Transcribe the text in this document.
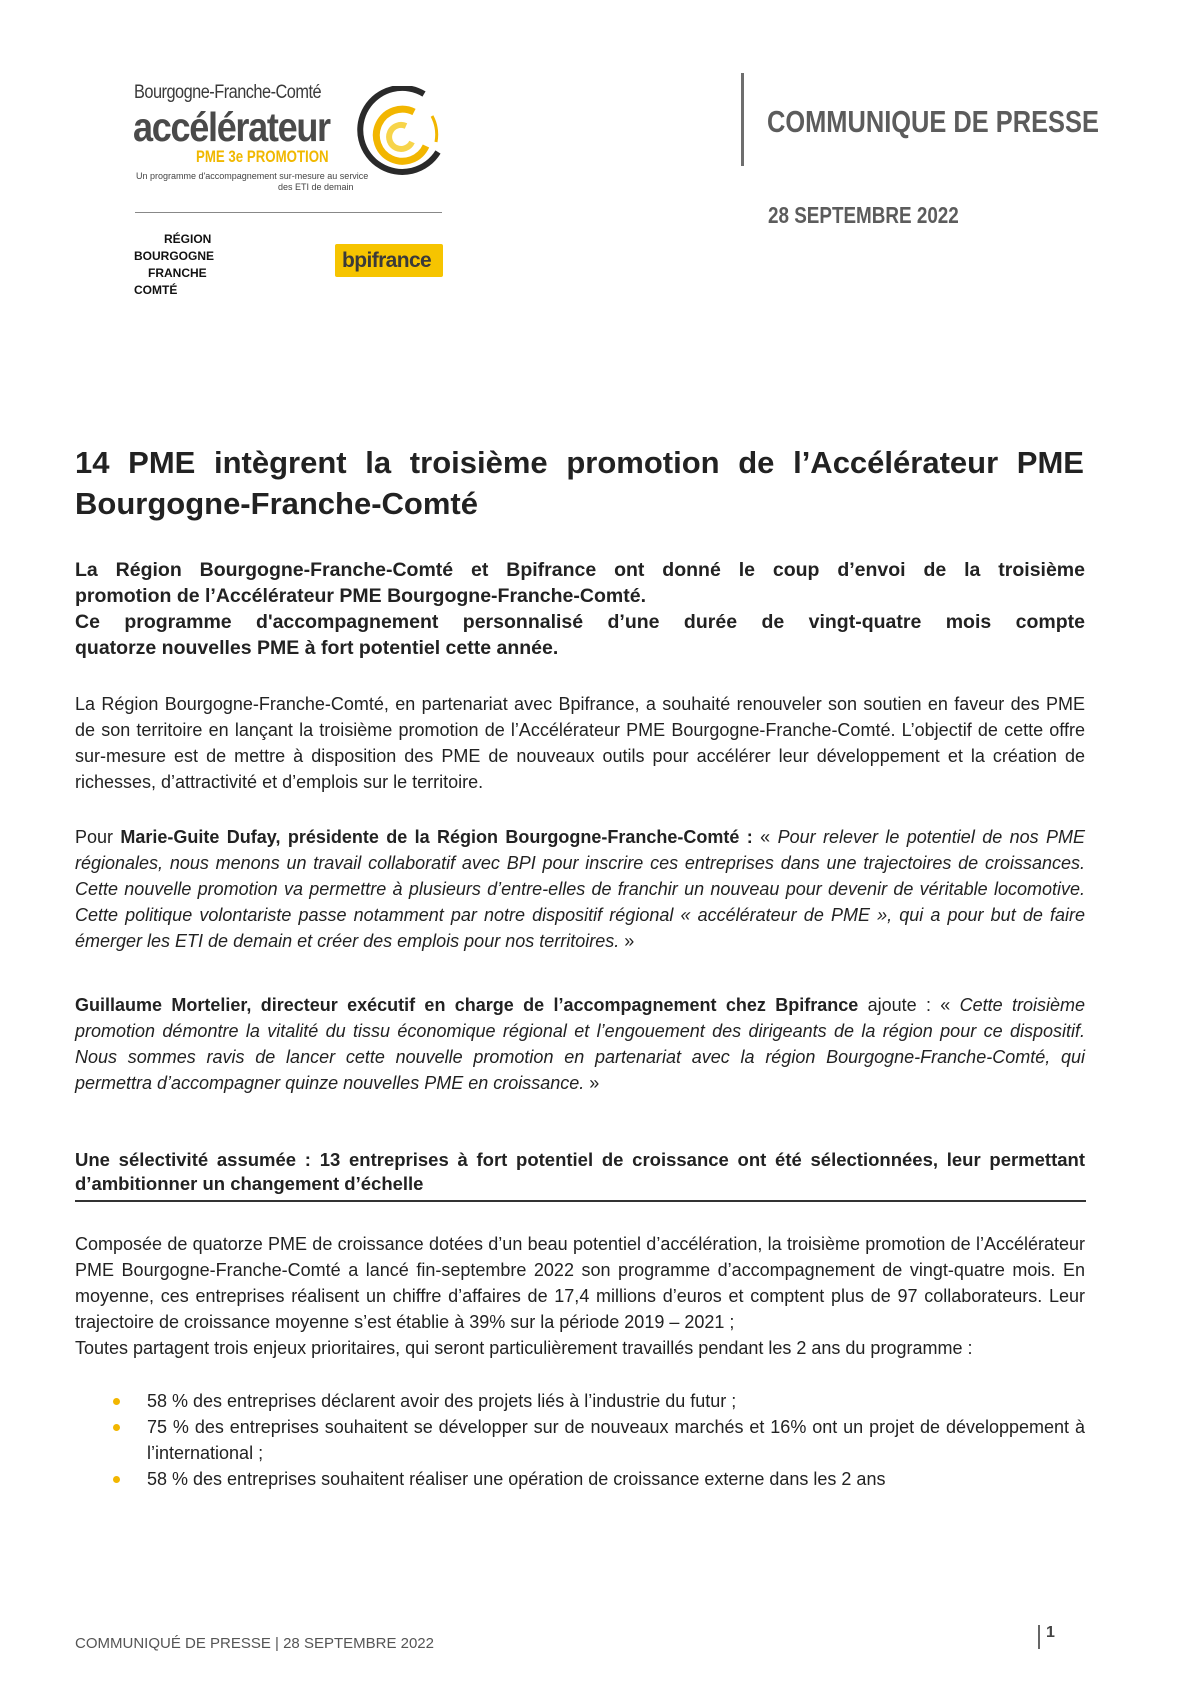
Bourgogne-Franche-Comté
accélérateur
PME 3e PROMOTION
Un programme d'accompagnement sur-mesure au service
des ETI de demain
RÉGION
BOURGOGNE
FRANCHE
COMTÉ
bpifrance
COMMUNIQUE DE PRESSE
28 SEPTEMBRE 2022
14 PME intègrent la troisième promotion de l’Accélérateur PME Bourgogne-Franche-Comté

La Région Bourgogne-Franche-Comté et Bpifrance ont donné le coup d’envoi de la troisième

promotion de l’Accélérateur PME Bourgogne-Franche-Comté.

Ce programme d'accompagnement personnalisé d’une durée de vingt-quatre mois compte

quatorze nouvelles PME à fort potentiel cette année.

La Région Bourgogne-Franche-Comté, en partenariat avec Bpifrance, a souhaité renouveler son soutien en faveur des PME de son territoire en lançant la troisième promotion de l’Accélérateur PME Bourgogne-Franche-Comté. L’objectif de cette offre sur-mesure est de mettre à disposition des PME de nouveaux outils pour accélérer leur développement et la création de richesses, d’attractivité et d’emplois sur le territoire.

Pour Marie-Guite Dufay, présidente de la Région Bourgogne-Franche-Comté : « Pour relever le potentiel de nos PME régionales, nous menons un travail collaboratif avec BPI pour inscrire ces entreprises dans une trajectoires de croissances. Cette nouvelle promotion va permettre à plusieurs d’entre-elles de franchir un nouveau pour devenir de véritable locomotive. Cette politique volontariste passe notamment par notre dispositif régional « accélérateur de PME », qui a pour but de faire émerger les ETI de demain et créer des emplois pour nos territoires. »

Guillaume Mortelier, directeur exécutif en charge de l’accompagnement chez Bpifrance ajoute : « Cette troisième promotion démontre la vitalité du tissu économique régional et l’engouement des dirigeants de la région pour ce dispositif. Nous sommes ravis de lancer cette nouvelle promotion en partenariat avec la région Bourgogne-Franche-Comté, qui permettra d’accompagner quinze nouvelles PME en croissance. »

Une sélectivité assumée : 13 entreprises à fort potentiel de croissance ont été sélectionnées, leur permettant d’ambitionner un changement d’échelle

Composée de quatorze PME de croissance dotées d’un beau potentiel d’accélération, la troisième promotion de l’Accélérateur PME Bourgogne-Franche-Comté a lancé fin-septembre 2022 son programme d’accompagnement de vingt-quatre mois. En moyenne, ces entreprises réalisent un chiffre d’affaires de 17,4 millions d’euros et comptent plus de 97 collaborateurs. Leur trajectoire de croissance moyenne s’est établie à 39% sur la période 2019 – 2021 ;

Toutes partagent trois enjeux prioritaires, qui seront particulièrement travaillés pendant les 2 ans du programme :

58 % des entreprises déclarent avoir des projets liés à l’industrie du futur ;
75 % des entreprises souhaitent se développer sur de nouveaux marchés et 16% ont un projet de développement à l’international ;
58 % des entreprises souhaitent réaliser une opération de croissance externe dans les 2 ans
COMMUNIQUÉ DE PRESSE | 28 SEPTEMBRE 2022
1
